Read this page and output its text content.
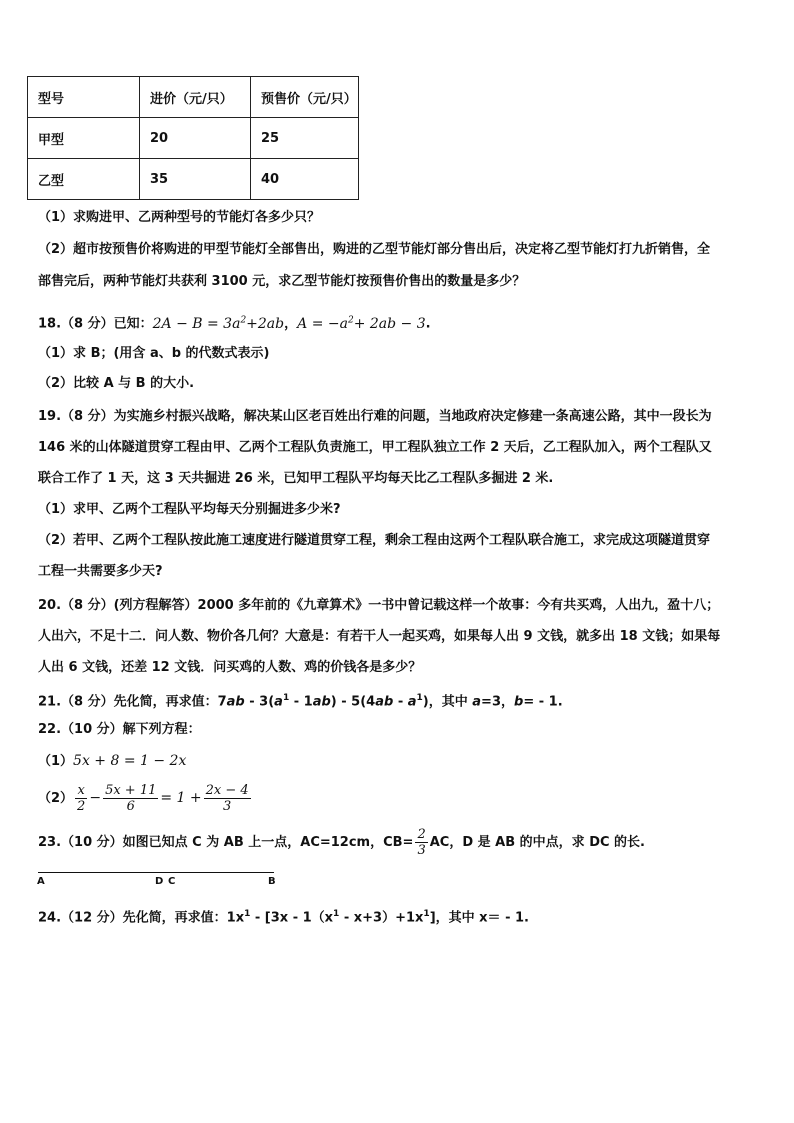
型号	进价（元/只）	预售价（元/只）
甲型	20	25
乙型	35	40
（1）求购进甲、乙两种型号的节能灯各多少只？
（2）超市按预售价将购进的甲型节能灯全部售出，购进的乙型节能灯部分售出后，决定将乙型节能灯打九折销售，全
部售完后，两种节能灯共获利 3100 元，求乙型节能灯按预售价售出的数量是多少？
18.（8 分）已知：$2A - B = 3a^2+2ab$，$A = -a^2+ 2ab - 3$.
（1）求 B；(用含 a、b 的代数式表示)
（2）比较 A 与 B 的大小.
19.（8 分）为实施乡村振兴战略，解决某山区老百姓出行难的问题，当地政府决定修建一条高速公路，其中一段长为
146 米的山体隧道贯穿工程由甲、乙两个工程队负责施工，甲工程队独立工作 2 天后，乙工程队加入，两个工程队又
联合工作了 1 天，这 3 天共掘进 26 米，已知甲工程队平均每天比乙工程队多掘进 2 米.
（1）求甲、乙两个工程队平均每天分别掘进多少米?
（2）若甲、乙两个工程队按此施工速度进行隧道贯穿工程，剩余工程由这两个工程队联合施工，求完成这项隧道贯穿
工程一共需要多少天?
20.（8 分）(列方程解答）2000 多年前的《九章算术》一书中曾记载这样一个故事：今有共买鸡，人出九，盈十八；
人出六，不足十二．问人数、物价各几何？大意是：有若干人一起买鸡，如果每人出 9 文钱，就多出 18 文钱；如果每
人出 6 文钱，还差 12 文钱．问买鸡的人数、鸡的价钱各是多少？
21.（8 分）先化简，再求值：$7ab - 3(a^1 - 1ab) - 5(4ab - a^1)$，其中 a=3，b= - 1.
22.（10 分）解下列方程：
（1）5x + 8 = 1 − 2x
$(2) \frac{x}{2} - \frac{5x + 11}{6} = 1 + \frac{2x - 4}{3}$
23.（10 分）如图已知点 C 为 AB 上一点，AC=12cm，$CB= \frac{2}{3}$ AC，D 是 AB 的中点，求 DC 的长.
A	D C	B
24.（12 分）先化简，再求值：$1x^1 - [3x - 1(x^1 - x+3)+1x^1]$，其中 x＝ - 1.
